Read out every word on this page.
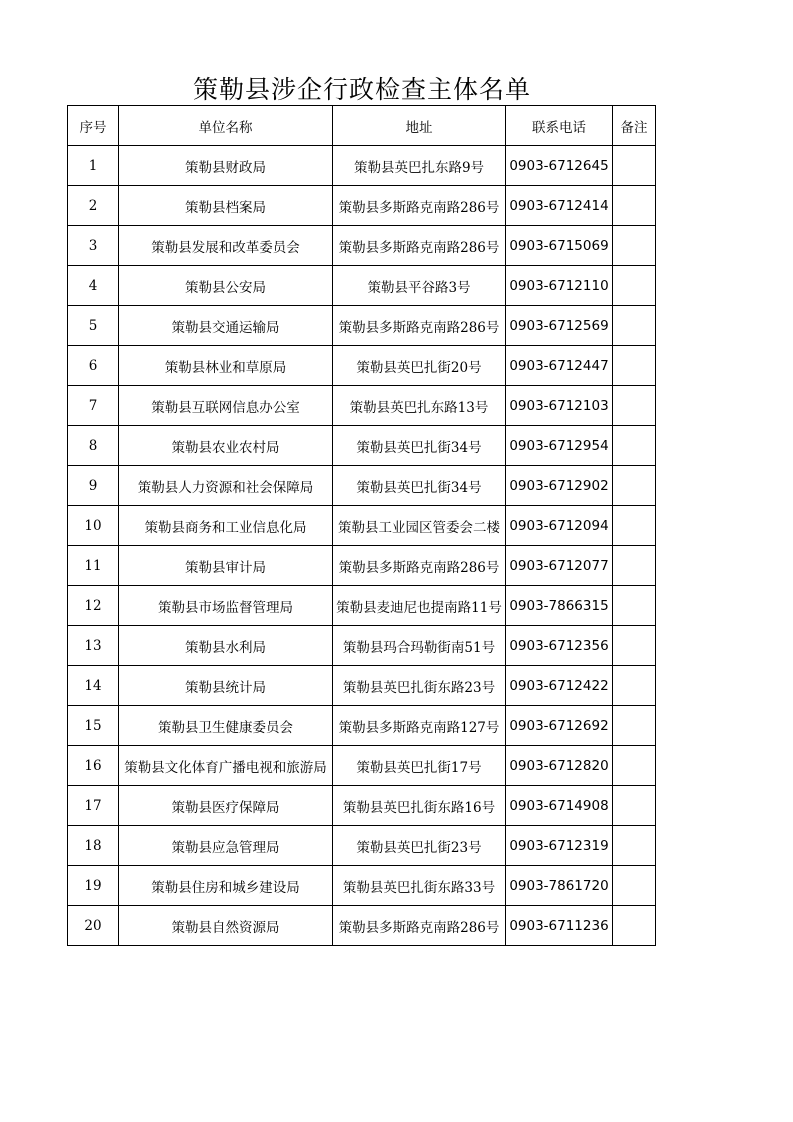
策勒县涉企行政检查主体名单
序号	单位名称	地址	联系电话	备注
1	策勒县财政局	策勒县英巴扎东路9号	0903-6712645	
2	策勒县档案局	策勒县多斯路克南路286号	0903-6712414	
3	策勒县发展和改革委员会	策勒县多斯路克南路286号	0903-6715069	
4	策勒县公安局	策勒县平谷路3号	0903-6712110	
5	策勒县交通运输局	策勒县多斯路克南路286号	0903-6712569	
6	策勒县林业和草原局	策勒县英巴扎街20号	0903-6712447	
7	策勒县互联网信息办公室	策勒县英巴扎东路13号	0903-6712103	
8	策勒县农业农村局	策勒县英巴扎街34号	0903-6712954	
9	策勒县人力资源和社会保障局	策勒县英巴扎街34号	0903-6712902	
10	策勒县商务和工业信息化局	策勒县工业园区管委会二楼	0903-6712094	
11	策勒县审计局	策勒县多斯路克南路286号	0903-6712077	
12	策勒县市场监督管理局	策勒县麦迪尼也提南路11号	0903-7866315	
13	策勒县水利局	策勒县玛合玛勒街南51号	0903-6712356	
14	策勒县统计局	策勒县英巴扎街东路23号	0903-6712422	
15	策勒县卫生健康委员会	策勒县多斯路克南路127号	0903-6712692	
16	策勒县文化体育广播电视和旅游局	策勒县英巴扎街17号	0903-6712820	
17	策勒县医疗保障局	策勒县英巴扎街东路16号	0903-6714908	
18	策勒县应急管理局	策勒县英巴扎街23号	0903-6712319	
19	策勒县住房和城乡建设局	策勒县英巴扎街东路33号	0903-7861720	
20	策勒县自然资源局	策勒县多斯路克南路286号	0903-6711236	
